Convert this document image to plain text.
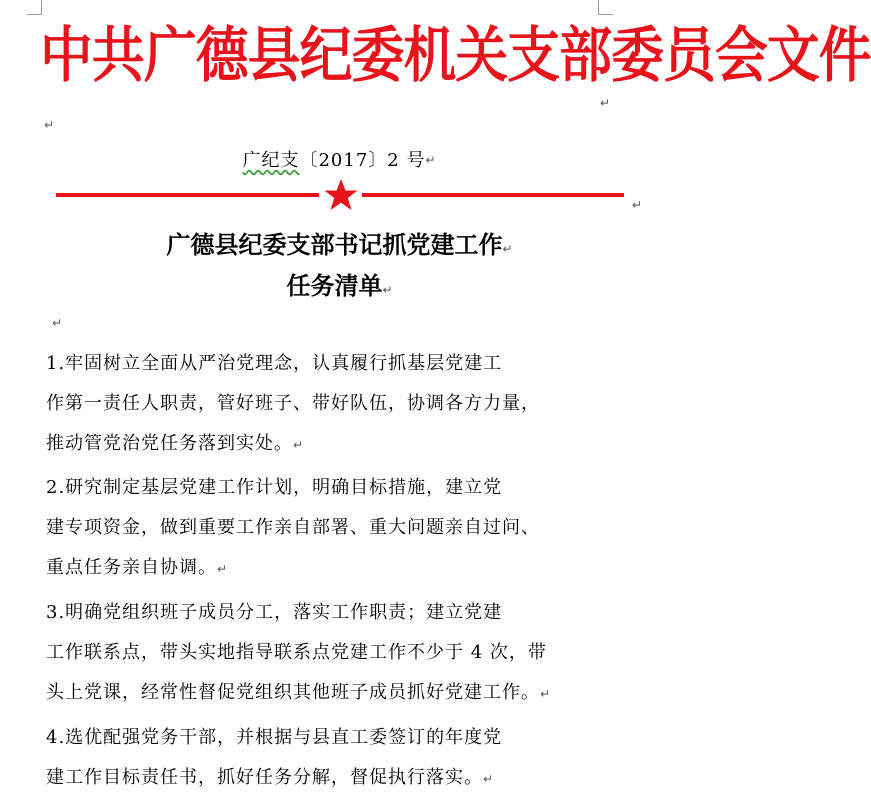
中共广德县纪委机关支部委员会文件
↵
↵
广纪支〔2017〕2 号↵
↵
广德县纪委支部书记抓党建工作↵
任务清单↵
↵
1.牢固树立全面从严治党理念，认真履行抓基层党建工
作第一责任人职责，管好班子、带好队伍，协调各方力量，
推动管党治党任务落到实处。↵
2.研究制定基层党建工作计划，明确目标措施，建立党
建专项资金，做到重要工作亲自部署、重大问题亲自过问、
重点任务亲自协调。↵
3.明确党组织班子成员分工，落实工作职责；建立党建
工作联系点，带头实地指导联系点党建工作不少于 4 次，带
头上党课，经常性督促党组织其他班子成员抓好党建工作。↵
4.选优配强党务干部，并根据与县直工委签订的年度党
建工作目标责任书，抓好任务分解，督促执行落实。↵
